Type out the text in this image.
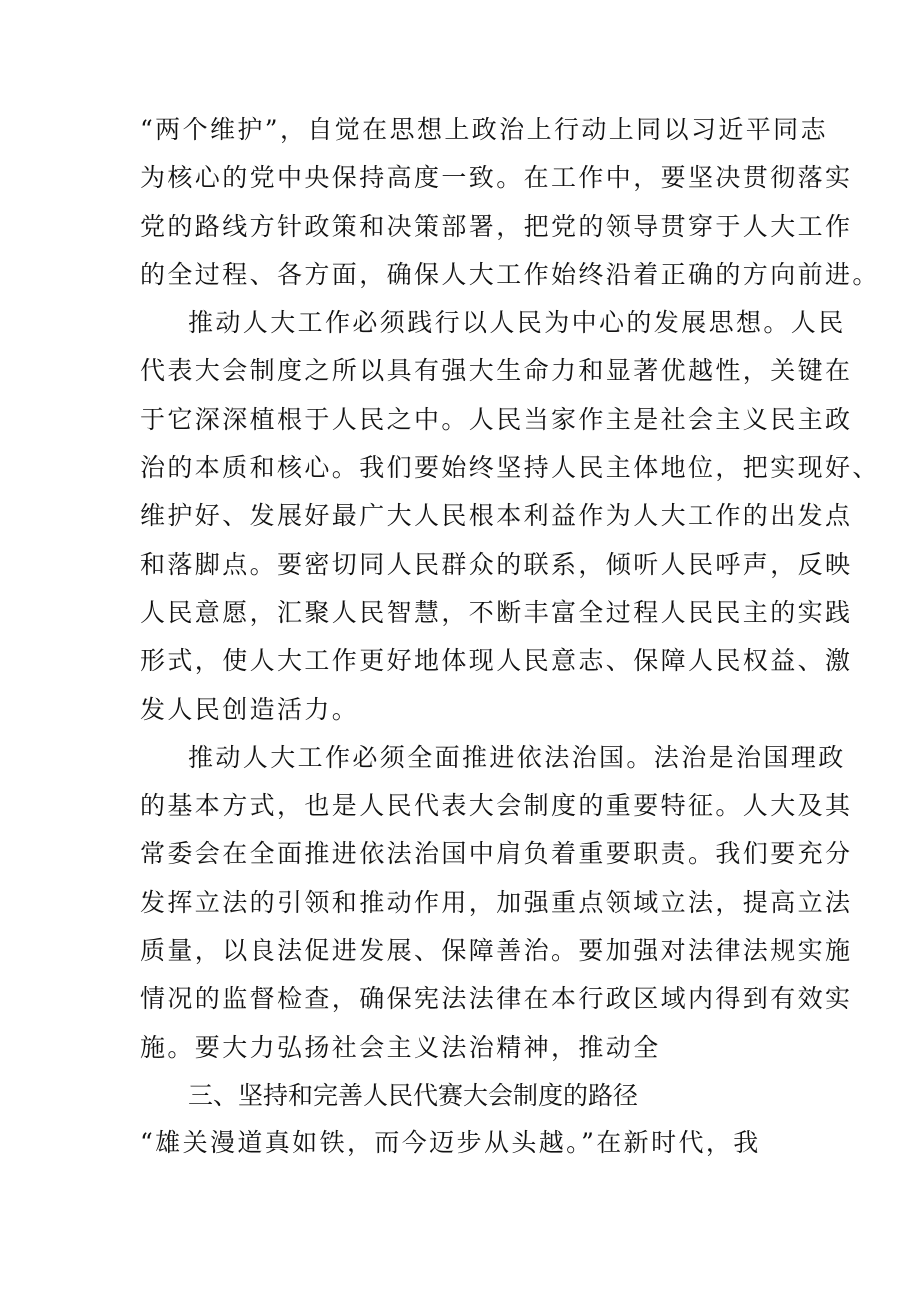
“两个维护”，自觉在思想上政治上行动上同以习近平同志
为核心的党中央保持高度一致。在工作中，要坚决贯彻落实
党的路线方针政策和决策部署，把党的领导贯穿于人大工作
的全过程、各方面，确保人大工作始终沿着正确的方向前进。
推动人大工作必须践行以人民为中心的发展思想。人民
代表大会制度之所以具有强大生命力和显著优越性，关键在
于它深深植根于人民之中。人民当家作主是社会主义民主政
治的本质和核心。我们要始终坚持人民主体地位，把实现好、
维护好、发展好最广大人民根本利益作为人大工作的出发点
和落脚点。要密切同人民群众的联系，倾听人民呼声，反映
人民意愿，汇聚人民智慧，不断丰富全过程人民民主的实践
形式，使人大工作更好地体现人民意志、保障人民权益、激
发人民创造活力。
推动人大工作必须全面推进依法治国。法治是治国理政
的基本方式，也是人民代表大会制度的重要特征。人大及其
常委会在全面推进依法治国中肩负着重要职责。我们要充分
发挥立法的引领和推动作用，加强重点领域立法，提高立法
质量，以良法促进发展、保障善治。要加强对法律法规实施
情况的监督检查，确保宪法法律在本行政区域内得到有效实
施。要大力弘扬社会主义法治精神，推动全
三、坚持和完善人民代赛大会制度的路径
“雄关漫道真如铁，而今迈步从头越。”在新时代，我
